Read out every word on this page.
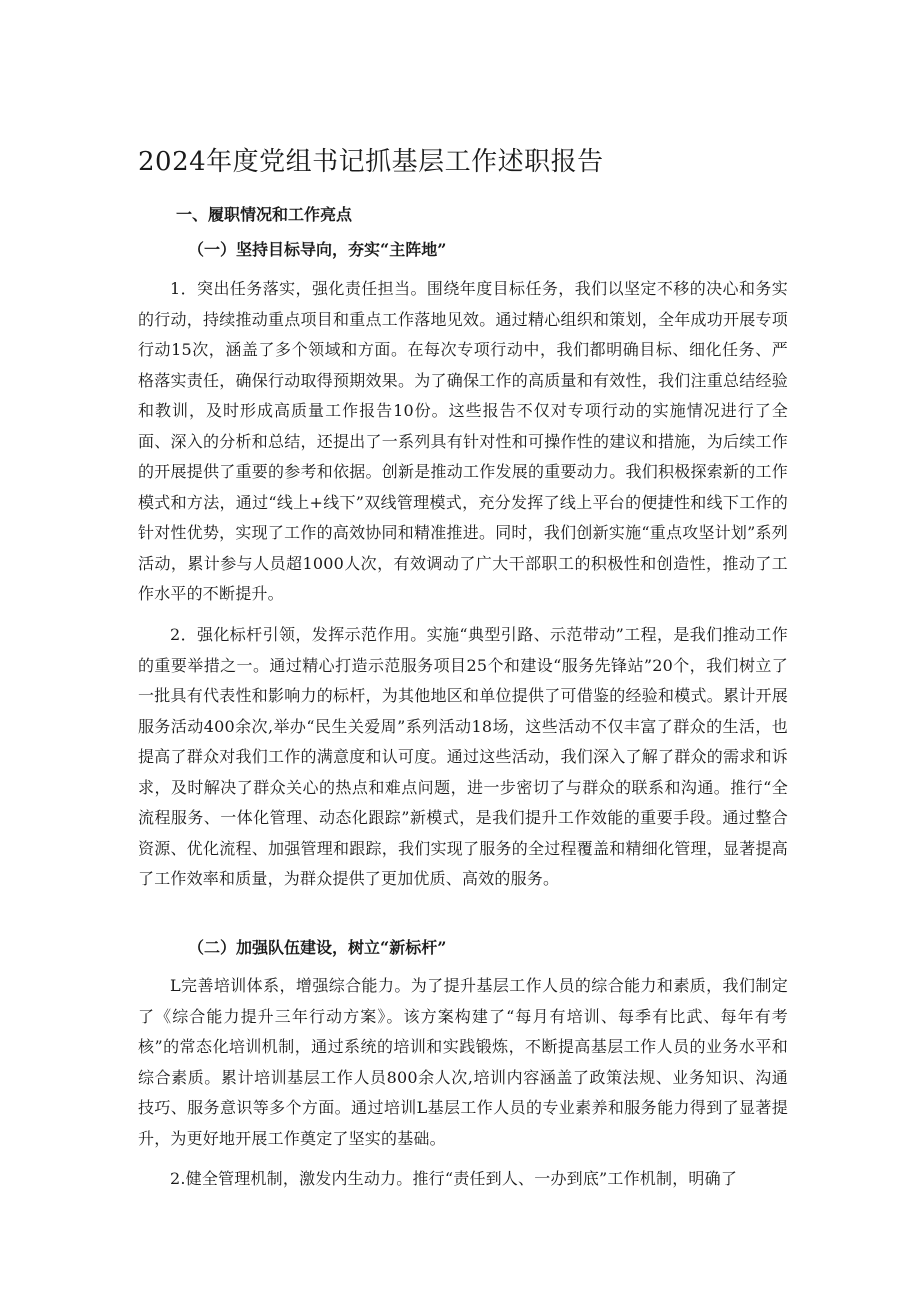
2024年度党组书记抓基层工作述职报告
一、履职情况和工作亮点
（一）坚持目标导向，夯实“主阵地”

1．突出任务落实，强化责任担当。围绕年度目标任务，我们以坚定不移的决心和务实的行动，持续推动重点项目和重点工作落地见效。通过精心组织和策划，全年成功开展专项行动15次，涵盖了多个领域和方面。在每次专项行动中，我们都明确目标、细化任务、严格落实责任，确保行动取得预期效果。为了确保工作的高质量和有效性，我们注重总结经验和教训，及时形成高质量工作报告10份。这些报告不仅对专项行动的实施情况进行了全面、深入的分析和总结，还提出了一系列具有针对性和可操作性的建议和措施，为后续工作的开展提供了重要的参考和依据。创新是推动工作发展的重要动力。我们积极探索新的工作模式和方法，通过“线上+线下”双线管理模式，充分发挥了线上平台的便捷性和线下工作的针对性优势，实现了工作的高效协同和精准推进。同时，我们创新实施“重点攻坚计划”系列活动，累计参与人员超1000人次，有效调动了广大干部职工的积极性和创造性，推动了工作水平的不断提升。

2．强化标杆引领，发挥示范作用。实施“典型引路、示范带动”工程，是我们推动工作的重要举措之一。通过精心打造示范服务项目25个和建设“服务先锋站”20个，我们树立了一批具有代表性和影响力的标杆，为其他地区和单位提供了可借鉴的经验和模式。累计开展服务活动400余次,举办“民生关爱周”系列活动18场，这些活动不仅丰富了群众的生活，也提高了群众对我们工作的满意度和认可度。通过这些活动，我们深入了解了群众的需求和诉求，及时解决了群众关心的热点和难点问题，进一步密切了与群众的联系和沟通。推行“全流程服务、一体化管理、动态化跟踪”新模式，是我们提升工作效能的重要手段。通过整合资源、优化流程、加强管理和跟踪，我们实现了服务的全过程覆盖和精细化管理，显著提高了工作效率和质量，为群众提供了更加优质、高效的服务。

（二）加强队伍建设，树立“新标杆”

L完善培训体系，增强综合能力。为了提升基层工作人员的综合能力和素质，我们制定了《综合能力提升三年行动方案》。该方案构建了“每月有培训、每季有比武、每年有考核”的常态化培训机制，通过系统的培训和实践锻炼，不断提高基层工作人员的业务水平和综合素质。累计培训基层工作人员800余人次,培训内容涵盖了政策法规、业务知识、沟通技巧、服务意识等多个方面。通过培训L基层工作人员的专业素养和服务能力得到了显著提升，为更好地开展工作奠定了坚实的基础。

2.健全管理机制，激发内生动力。推行“责任到人、一办到底”工作机制，明确了
